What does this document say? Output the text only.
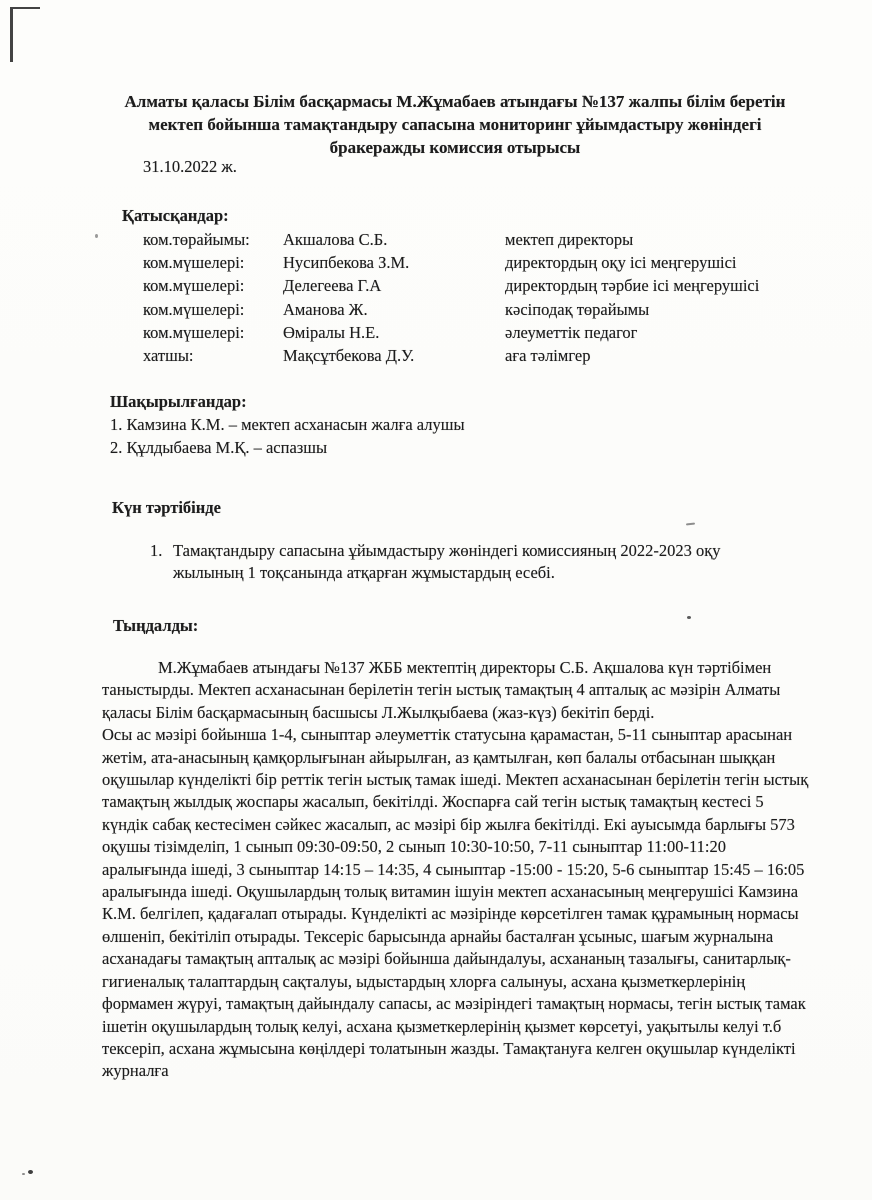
Алматы қаласы Білім басқармасы М.Жұмабаев атындағы №137 жалпы білім беретін
мектеп бойынша тамақтандыру сапасына мониторинг ұйымдастыру жөніндегі
бракеражды комиссия отырысы
31.10.2022 ж.
Қатысқандар:
ком.төрайымы:	Акшалова С.Б.	мектеп директоры
ком.мүшелері:	Нусипбекова З.М.	директордың оқу ісі меңгерушісі
ком.мүшелері:	Делегеева Г.А	директордың тәрбие ісі меңгерушісі
ком.мүшелері:	Аманова Ж.	кәсіподақ төрайымы
ком.мүшелері:	Өміралы Н.Е.	әлеуметтік педагог
хатшы:	Мақсұтбекова Д.У.	аға тәлімгер
Шақырылғандар:
1. Камзина К.М. – мектеп асханасын жалға алушы
2. Құлдыбаева М.Қ. – аспазшы
Күн тәртібінде
1. Тамақтандыру сапасына ұйымдастыру жөніндегі комиссияның 2022-2023 оқу жылының 1 тоқсанында атқарған жұмыстардың есебі.
Тыңдалды:

М.Жұмабаев атындағы №137 ЖББ мектептің директоры С.Б. Ақшалова күн тәртібімен таныстырды. Мектеп асханасынан берілетін тегін ыстық тамақтың 4 апталық ас мәзірін Алматы қаласы Білім басқармасының басшысы Л.Жылқыбаева (жаз-күз) бекітіп берді.

Осы ас мәзірі бойынша 1-4, сыныптар әлеуметтік статусына қарамастан, 5-11 сыныптар арасынан жетім, ата-анасының қамқорлығынан айырылған, аз қамтылған, көп балалы отбасынан шыққан оқушылар күнделікті бір реттік тегін ыстық тамак ішеді. Мектеп асханасынан берілетін тегін ыстық тамақтың жылдық жоспары жасалып, бекітілді. Жоспарға сай тегін ыстық тамақтың кестесі 5 күндік сабақ кестесімен сәйкес жасалып, ас мәзірі бір жылға бекітілді. Екі ауысымда барлығы 573 оқушы тізімделіп, 1 сынып 09:30-09:50, 2 сынып 10:30-10:50, 7-11 сыныптар 11:00-11:20 аралығында ішеді, 3 сыныптар 14:15 – 14:35, 4 сыныптар -15:00 - 15:20, 5-6 сыныптар 15:45 – 16:05 аралығында ішеді. Оқушылардың толық витамин ішуін мектеп асханасының меңгерушісі Камзина К.М. белгілеп, қадағалап отырады. Күнделікті ас мәзірінде көрсетілген тамак құрамының нормасы өлшеніп, бекітіліп отырады. Тексеріс барысында арнайы басталған ұсыныс, шағым журналына асханадағы тамақтың апталық ас мәзірі бойынша дайындалуы, асхананың тазалығы, санитарлық-гигиеналық талаптардың сақталуы, ыдыстардың хлорға салынуы, асхана қызметкерлерінің формамен жүруі, тамақтың дайындалу сапасы, ас мәзіріндегі тамақтың нормасы, тегін ыстық тамак ішетін оқушылардың толық келуі, асхана қызметкерлерінің қызмет көрсетуі, уақытылы келуі т.б тексеріп, асхана жұмысына көңілдері толатынын жазды. Тамақтануға келген оқушылар күнделікті журналға
